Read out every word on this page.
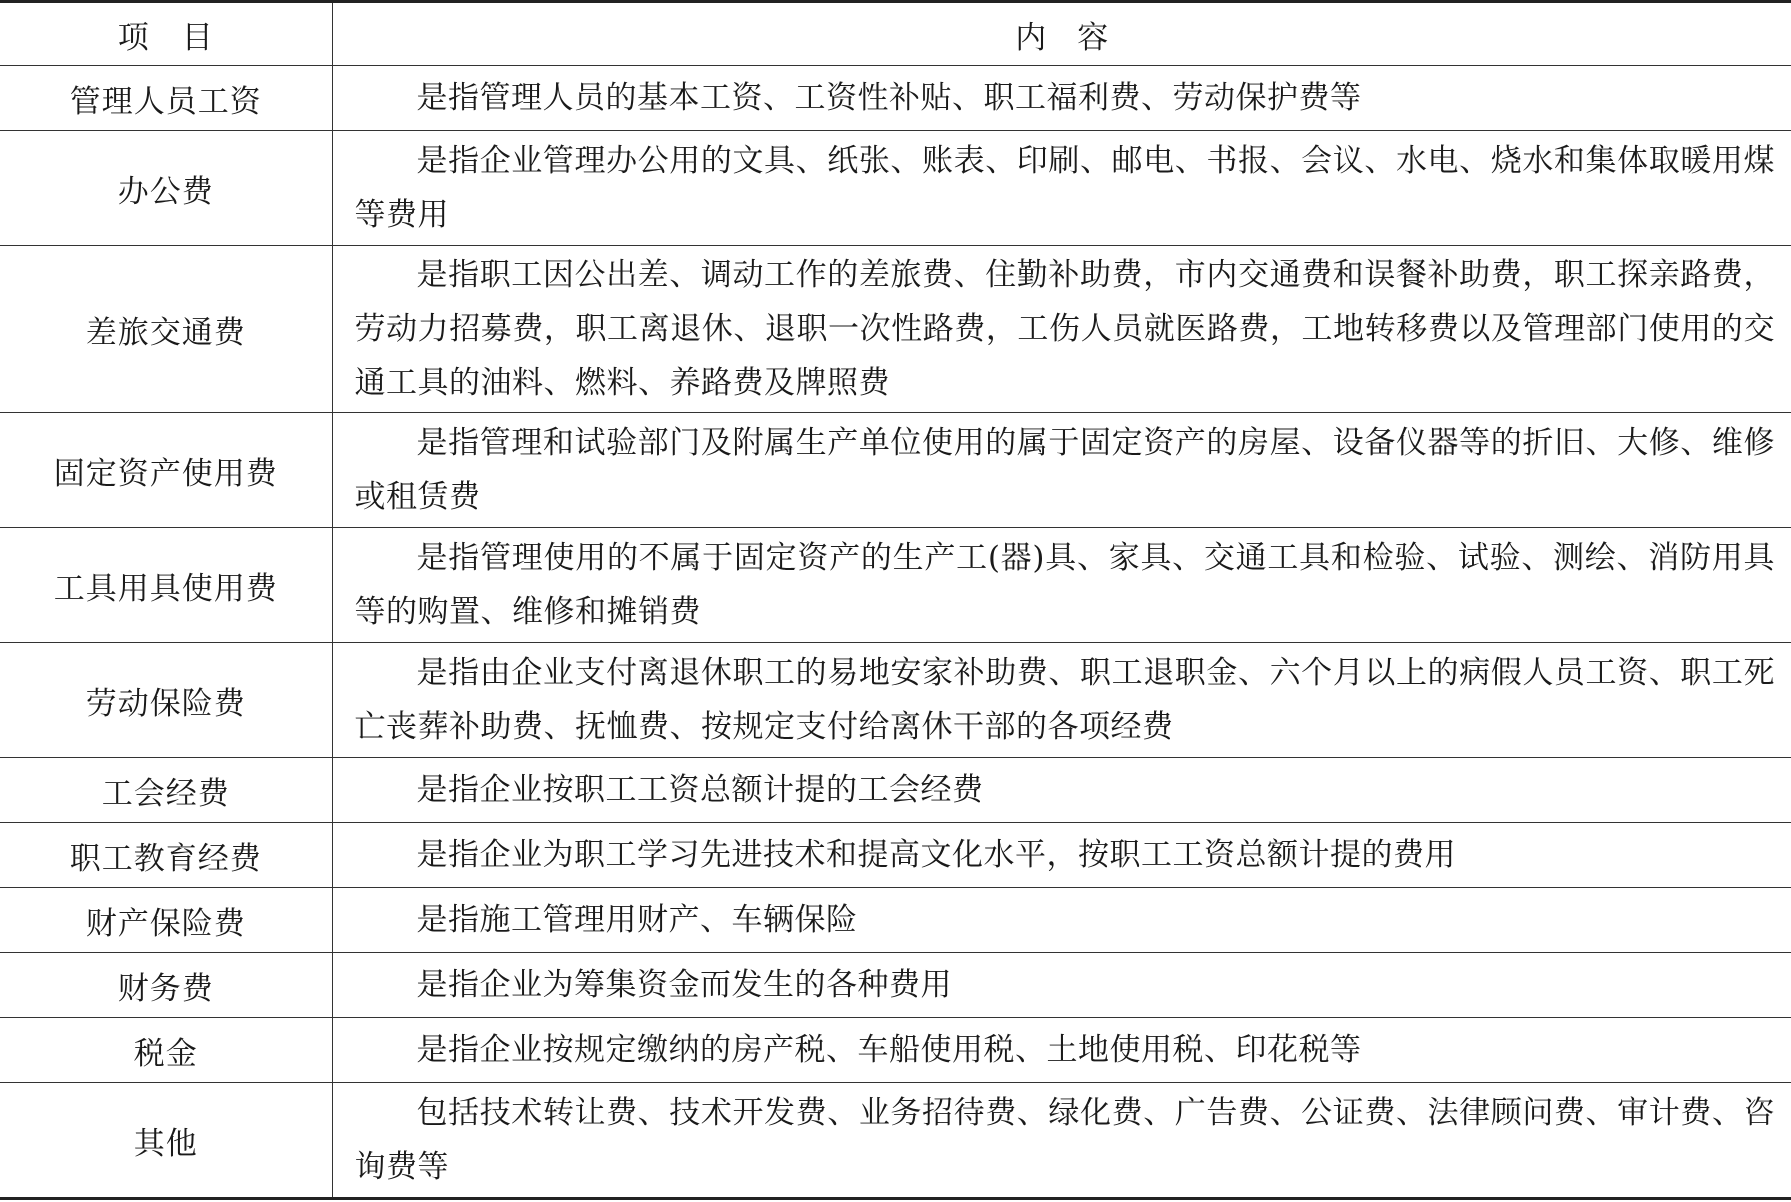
项　目	内　容
管理人员工资	是指管理人员的基本工资、工资性补贴、职工福利费、劳动保护费等
办公费	是指企业管理办公用的文具、纸张、账表、印刷、邮电、书报、会议、水电、烧水和集体取暖用煤等费用
差旅交通费	是指职工因公出差、调动工作的差旅费、住勤补助费，市内交通费和误餐补助费，职工探亲路费，劳动力招募费，职工离退休、退职一次性路费，工伤人员就医路费，工地转移费以及管理部门使用的交通工具的油料、燃料、养路费及牌照费
固定资产使用费	是指管理和试验部门及附属生产单位使用的属于固定资产的房屋、设备仪器等的折旧、大修、维修或租赁费
工具用具使用费	是指管理使用的不属于固定资产的生产工(器)具、家具、交通工具和检验、试验、测绘、消防用具等的购置、维修和摊销费
劳动保险费	是指由企业支付离退休职工的易地安家补助费、职工退职金、六个月以上的病假人员工资、职工死亡丧葬补助费、抚恤费、按规定支付给离休干部的各项经费
工会经费	是指企业按职工工资总额计提的工会经费
职工教育经费	是指企业为职工学习先进技术和提高文化水平，按职工工资总额计提的费用
财产保险费	是指施工管理用财产、车辆保险
财务费	是指企业为筹集资金而发生的各种费用
税金	是指企业按规定缴纳的房产税、车船使用税、土地使用税、印花税等
其他	包括技术转让费、技术开发费、业务招待费、绿化费、广告费、公证费、法律顾问费、审计费、咨询费等
